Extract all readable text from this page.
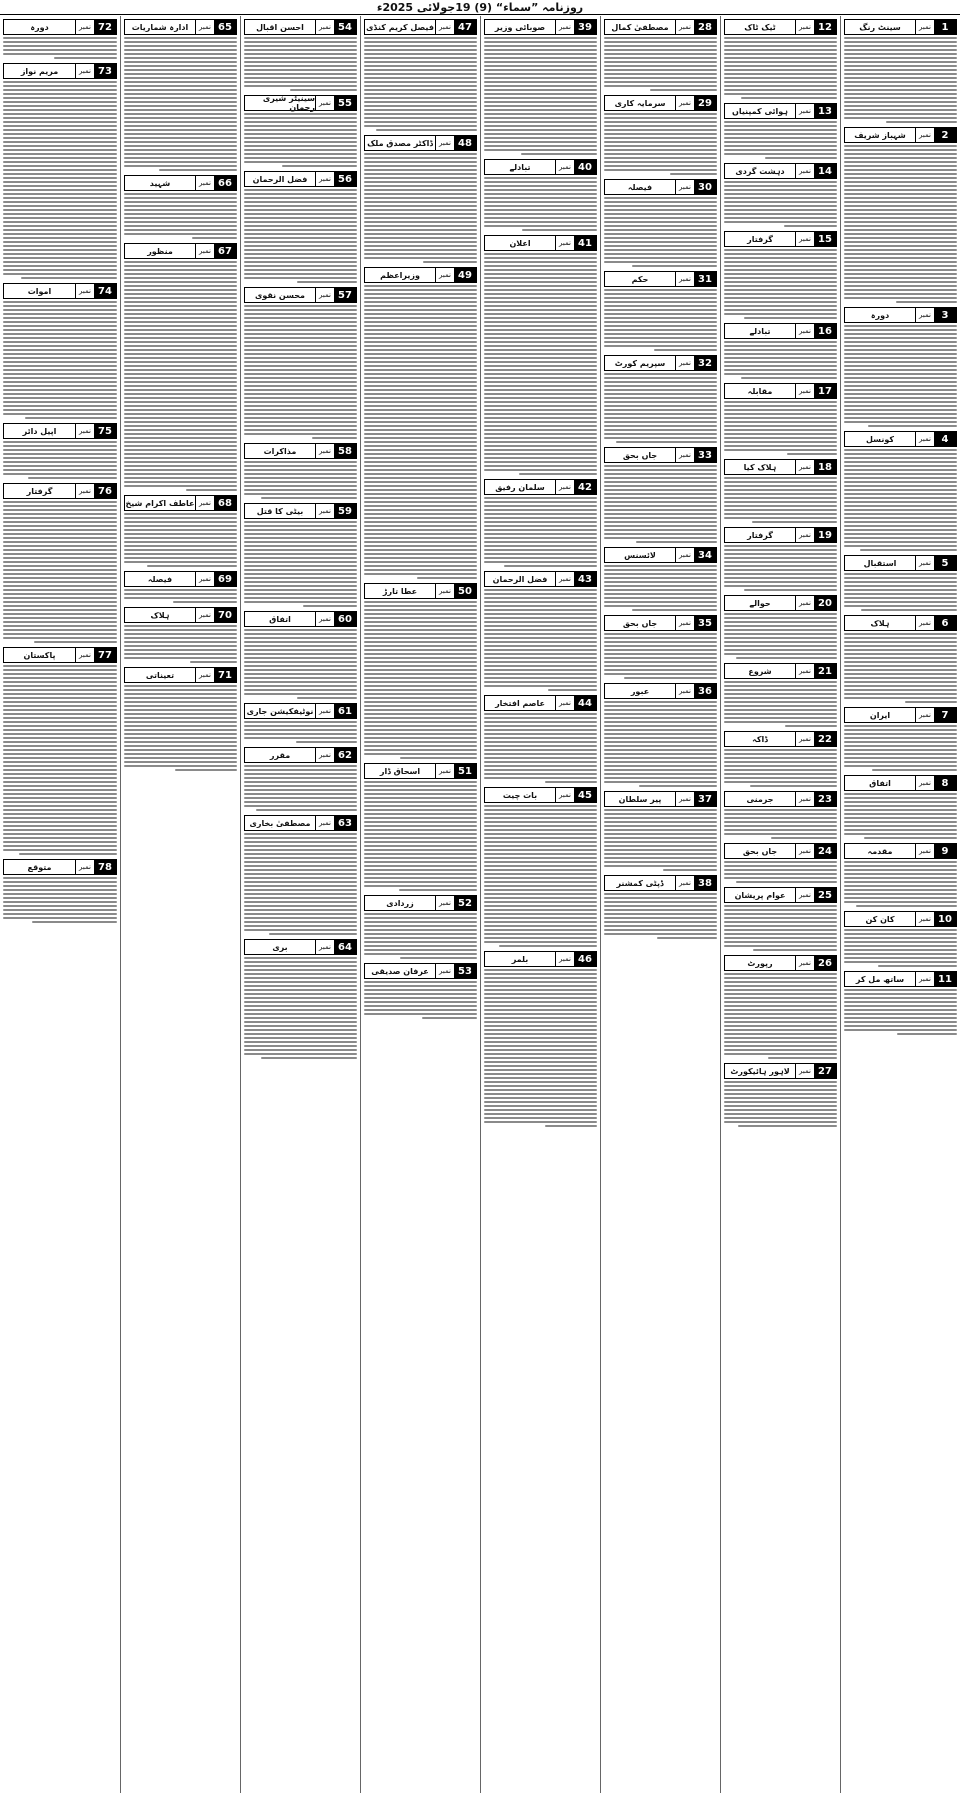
روزنامہ ”سماء“ (9) 19جولائی 2025ء
1
نمبر
سینٹ رنگ
2
نمبر
شہباز شریف
3
نمبر
دورہ
4
نمبر
کونسل
5
نمبر
استقبال
6
نمبر
ہلاک
7
نمبر
ایران
8
نمبر
اتفاق
9
نمبر
مقدمہ
10
نمبر
کان کن
11
نمبر
ساتھ مل کر
12
نمبر
ٹیک ٹاک
13
نمبر
ہوائی کمپنیاں
14
نمبر
دہشت گردی
15
نمبر
گرفتار
16
نمبر
تبادلے
17
نمبر
مقابلہ
18
نمبر
ہلاک کیا
19
نمبر
گرفتار
20
نمبر
حوالے
21
نمبر
شروع
22
نمبر
ڈاکہ
23
نمبر
جرمنی
24
نمبر
جاں بحق
25
نمبر
عوام پریشان
26
نمبر
رپورٹ
27
نمبر
لاہور ہائیکورٹ
28
نمبر
مصطفیٰ کمال
29
نمبر
سرمایہ کاری
30
نمبر
فیصلہ
31
نمبر
حکم
32
نمبر
سپریم کورٹ
33
نمبر
جاں بحق
34
نمبر
لائسنس
35
نمبر
جاں بحق
36
نمبر
عبور
37
نمبر
پیر سلطان
38
نمبر
ڈپٹی کمشنر
39
نمبر
صوبائی وزیر
40
نمبر
تبادلے
41
نمبر
اعلان
42
نمبر
سلمان رفیق
43
نمبر
فضل الرحمان
44
نمبر
عاصم افتخار
45
نمبر
بات چیت
46
نمبر
بلمر
47
نمبر
فیصل کریم کنڈی
48
نمبر
ڈاکٹر مصدق ملک
49
نمبر
وزیراعظم
50
نمبر
عطا تارڑ
51
نمبر
اسحاق ڈار
52
نمبر
زردادی
53
نمبر
عرفان صدیقی
54
نمبر
احسن اقبال
55
نمبر
سینیٹر شیری رحمان
56
نمبر
فضل الرحمان
57
نمبر
محسن نقوی
58
نمبر
مذاکرات
59
نمبر
بیٹی کا قتل
60
نمبر
اتفاق
61
نمبر
نوٹیفکیشن جاری
62
نمبر
مقرر
63
نمبر
مصطفیٰ بخاری
64
نمبر
بری
65
نمبر
ادارہ شماریات
66
نمبر
شہید
67
نمبر
منظور
68
نمبر
عاطف اکرام شیخ
69
نمبر
فیصلہ
70
نمبر
ہلاک
71
نمبر
تعیناتی
72
نمبر
دورہ
73
نمبر
مریم نواز
74
نمبر
اموات
75
نمبر
اپیل دائر
76
نمبر
گرفتار
77
نمبر
پاکستان
78
نمبر
متوقع
